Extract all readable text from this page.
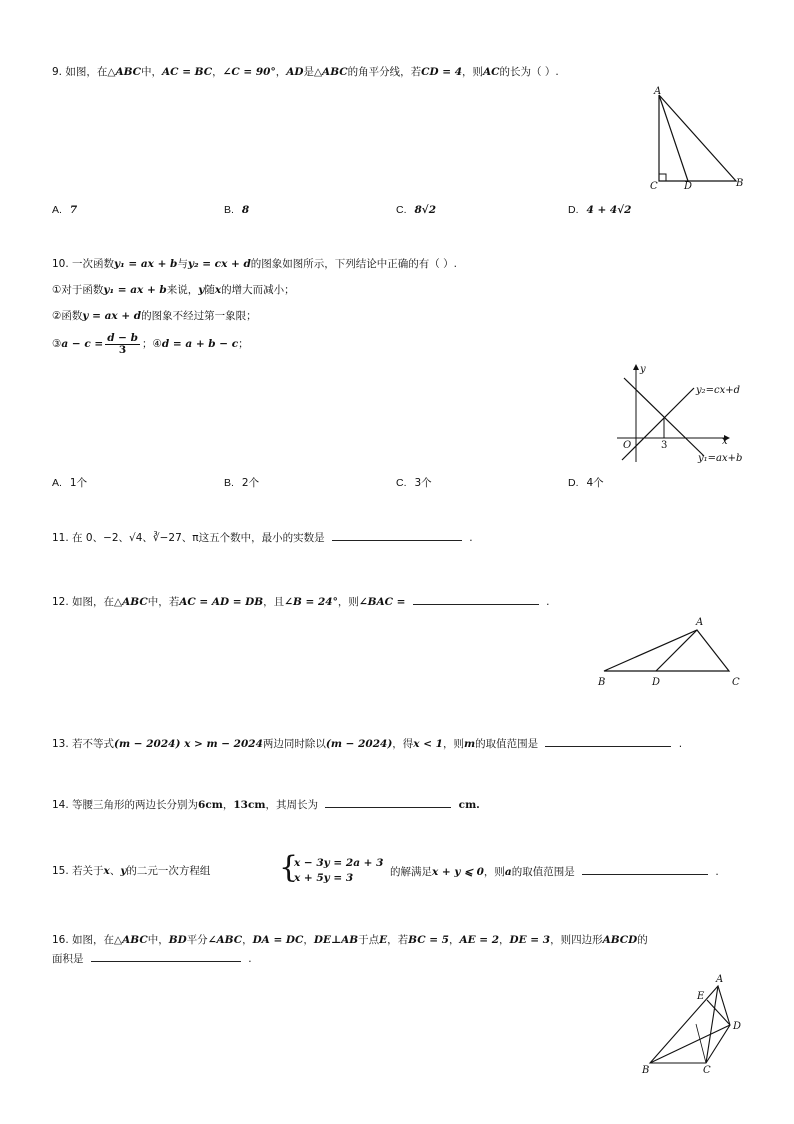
9. 如图，在△ABC中，AC = BC，∠C = 90°，AD是△ABC的角平分线，若CD = 4，则AC的长为（ ）.
A
C	D	B
A. 7	B. 8	C. 8√2	D. 4 + 4√2
10. 一次函数y₁ = ax + b与y₂ = cx + d的图象如图所示，下列结论中正确的有（ ）.
①对于函数y₁ = ax + b来说，y随x的增大而减小；
②函数y = ax + d的图象不经过第一象限；
③a − $c = \frac{d - b}{3}$ ；④d = a + b − c；
y
x
O	3
y₂=cx+d
y₁=ax+b
A. 1个	B. 2个	C. 3个	D. 4个
11. 在 0、−2、√4、∛−27、π这五个数中，最小的实数是	.
12. 如图，在△ABC中，若AC = AD = DB，且∠B = 24°，则∠BAC =	.
A
B	D	C
13. 若不等式(m − 2024) x > m − 2024两边同时除以(m − 2024)，得x < 1，则m的取值范围是	.
14. 等腰三角形的两边长分别为6cm，13cm，其周长为	cm.
15. 若关于x、y的二元一次方程组 {
x − 3y = 2a + 3
x + 5y = 3	的解满足x + y ⩽ 0，则a的取值范围是	.
16. 如图，在△ABC中，BD平分∠ABC，DA = DC，DE⊥AB于点E，若BC = 5，AE = 2，DE = 3，则四边形ABCD的
面积是	.
A
E
D
B	C
